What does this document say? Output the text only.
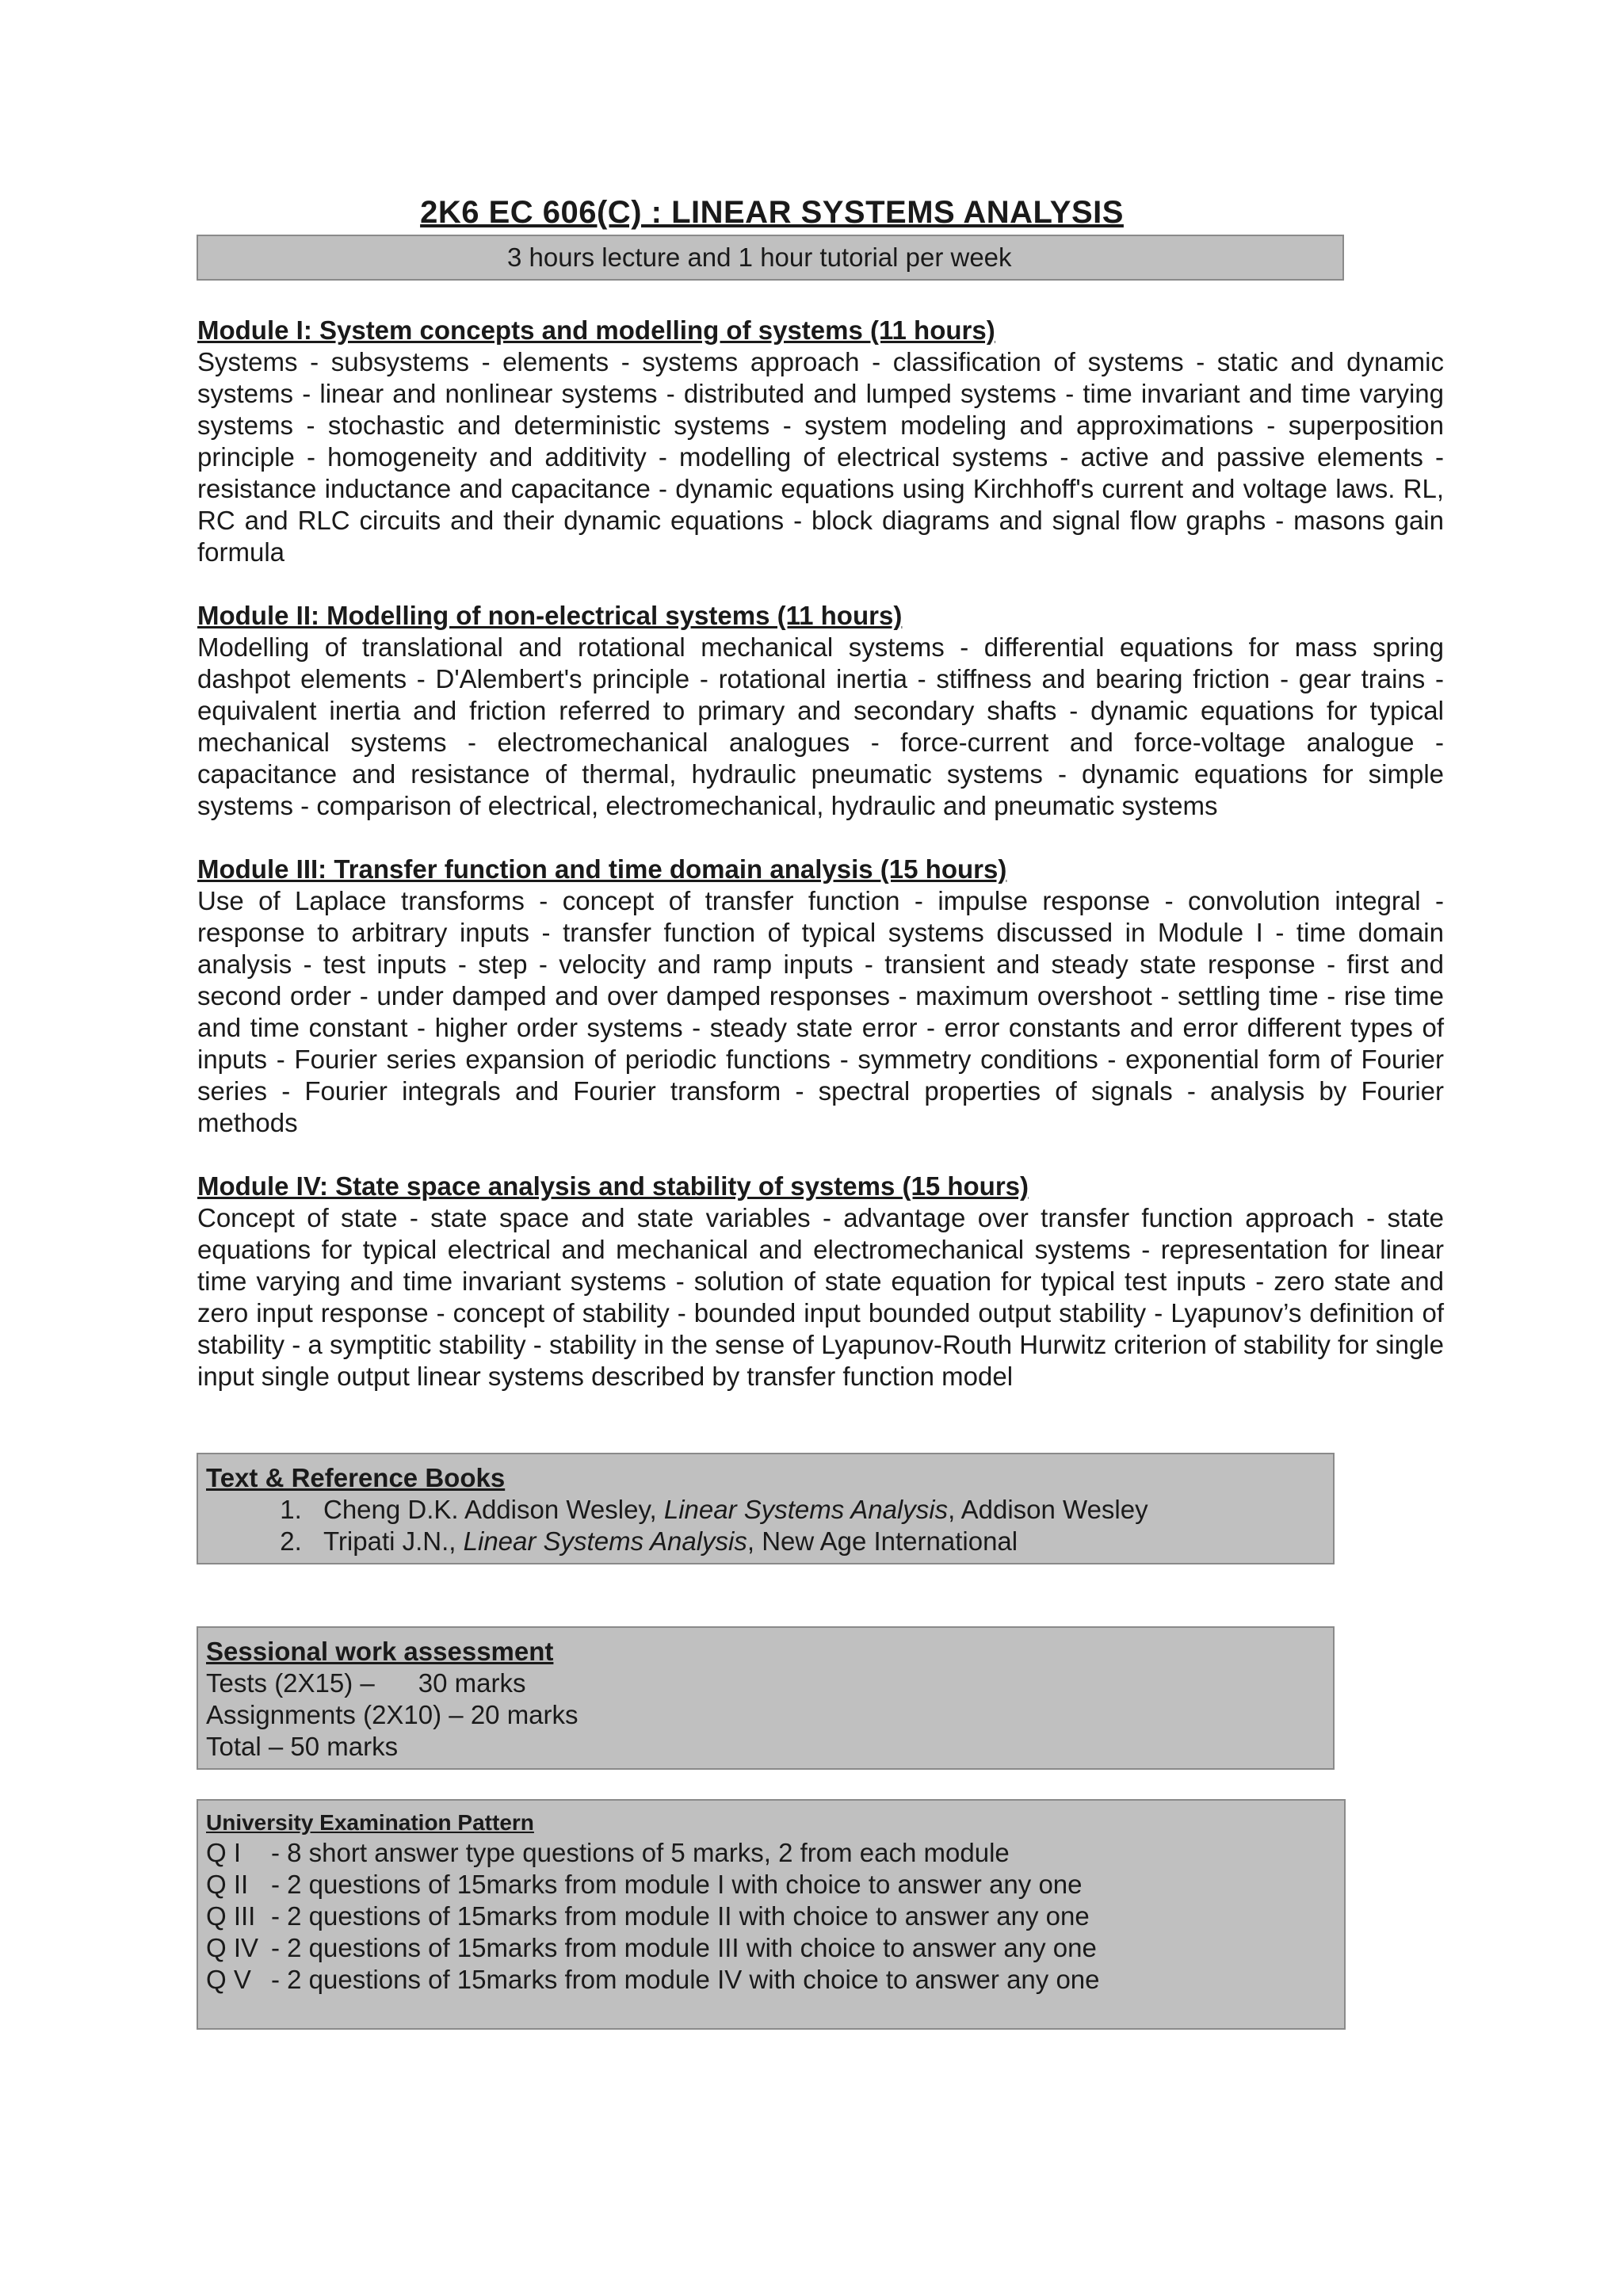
2K6 EC 606(C) : LINEAR SYSTEMS ANALYSIS
3 hours lecture and 1 hour tutorial per week
Module I: System concepts and modelling of systems (11 hours)

Systems - subsystems - elements - systems approach - classification of systems - static and dynamic systems - linear and nonlinear systems - distributed and lumped systems - time invariant and time varying systems - stochastic and deterministic systems - system modeling and approximations - superposition principle - homogeneity and additivity - modelling of electrical systems - active and passive elements - resistance inductance and capacitance - dynamic equations using Kirchhoff's current and voltage laws. RL, RC and RLC circuits and their dynamic equations - block diagrams and signal flow graphs - masons gain formula

Module II: Modelling of non-electrical systems (11 hours)

Modelling of translational and rotational mechanical systems - differential equations for mass spring dashpot elements - D'Alembert's principle - rotational inertia - stiffness and bearing friction - gear trains - equivalent inertia and friction referred to primary and secondary shafts - dynamic equations for typical mechanical systems - electromechanical analogues - force-current and force-voltage analogue - capacitance and resistance of thermal, hydraulic pneumatic systems - dynamic equations for simple systems - comparison of electrical, electromechanical, hydraulic and pneumatic systems

Module III: Transfer function and time domain analysis (15 hours)

Use of Laplace transforms - concept of transfer function - impulse response - convolution integral - response to arbitrary inputs - transfer function of typical systems discussed in Module I - time domain analysis - test inputs - step - velocity and ramp inputs - transient and steady state response - first and second order - under damped and over damped responses - maximum overshoot - settling time - rise time and time constant - higher order systems - steady state error - error constants and error different types of inputs - Fourier series expansion of periodic functions - symmetry conditions - exponential form of Fourier series - Fourier integrals and Fourier transform - spectral properties of signals - analysis by Fourier methods

Module IV: State space analysis and stability of systems (15 hours)

Concept of state - state space and state variables - advantage over transfer function approach - state equations for typical electrical and mechanical and electromechanical systems - representation for linear time varying and time invariant systems - solution of state equation for typical test inputs - zero state and zero input response - concept of stability - bounded input bounded output stability - Lyapunov’s definition of stability - a symptitic stability - stability in the sense of Lyapunov-Routh Hurwitz criterion of stability for single input single output linear systems described by transfer function model

Text & Reference Books
1. Cheng D.K. Addison Wesley, Linear Systems Analysis, Addison Wesley
2. Tripati J.N., Linear Systems Analysis, New Age International
Sessional work assessment
Tests (2X15) –      30 marks
Assignments (2X10) – 20 marks
Total – 50 marks
University Examination Pattern
Q I	- 8 short answer type questions of 5 marks, 2 from each module
Q II - 2 questions of 15marks from module I with choice to answer any one
Q III - 2 questions of 15marks from module II with choice to answer any one
Q IV - 2 questions of 15marks from module III with choice to answer any one
Q V - 2 questions of 15marks from module IV with choice to answer any one
